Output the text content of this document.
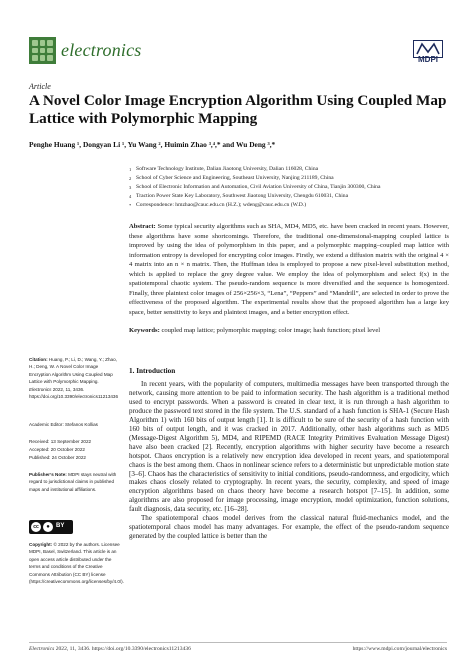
electronics	MDPI
Article
A Novel Color Image Encryption Algorithm Using Coupled Map Lattice with Polymorphic Mapping
Penghe Huang ¹, Dongyan Li ¹, Yu Wang ², Huimin Zhao ³,⁴,* and Wu Deng ³,*
1 Software Technology Institute, Dalian Jiaotong University, Dalian 116028, China
2 School of Cyber Science and Engineering, Southeast University, Nanjing 211189, China
3 School of Electronic Information and Automation, Civil Aviation University of China, Tianjin 300300, China
4 Traction Power State Key Laboratory, Southwest Jiaotong University, Chengdu 610031, China
* Correspondence: hmzhao@cauc.edu.cn (H.Z.); wdeng@cauc.edu.cn (W.D.)
Abstract: Some typical security algorithms such as SHA, MD4, MD5, etc. have been cracked in recent years. However, these algorithms have some shortcomings. Therefore, the traditional one-dimensional-mapping coupled lattice is improved by using the idea of polymorphism in this paper, and a polymorphic mapping–coupled map lattice with information entropy is developed for encrypting color images. Firstly, we extend a diffusion matrix with the original 4 × 4 matrix into an n × n matrix. Then, the Huffman idea is employed to propose a new pixel-level substitution method, which is applied to replace the grey degree value. We employ the idea of polymorphism and select f(x) in the spatiotemporal chaotic system. The pseudo-random sequence is more diversified and the sequence is homogenized. Finally, three plaintext color images of 256×256×3, “Lena”, “Peppers” and “Mandrill”, are selected in order to prove the effectiveness of the proposed algorithm. The experimental results show that the proposed algorithm has a large key space, better sensitivity to keys and plaintext images, and a better encryption effect.
Keywords: coupled map lattice; polymorphic mapping; color image; hash function; pixel level
Citation: Huang, P.; Li, D.; Wang, Y.; Zhao, H.; Deng, W. A Novel Color Image Encryption Algorithm Using Coupled Map Lattice with Polymorphic Mapping. Electronics 2022, 11, 3436. https://doi.org/10.3390/electronics11213436
Academic Editor: Stefanos Kollias
Received: 13 September 2022
Accepted: 20 October 2022
Published: 24 October 2022
Publisher’s Note: MDPI stays neutral with regard to jurisdictional claims in published maps and institutional affiliations.
cc	●	BY
Copyright: © 2022 by the authors. Licensee MDPI, Basel, Switzerland. This article is an open access article distributed under the terms and conditions of the Creative Commons Attribution (CC BY) license (https://creativecommons.org/licenses/by/4.0/).
1. Introduction

In recent years, with the popularity of computers, multimedia messages have been transported through the network, causing more attention to be paid to information security. The hash algorithm is a traditional method used to encrypt passwords. When a password is created in clear text, it is run through a hash algorithm to produce the password text stored in the file system. The U.S. standard of a hash function is SHA-1 (Secure Hash Algorithm 1) with 160 bits of output length [1]. It is difficult to be sure of the security of a hash function with 160 bits of output length, and it was cracked in 2017. Additionally, other hash algorithms such as MD5 (Message-Digest Algorithm 5), MD4, and RIPEMD (RACE Integrity Primitives Evaluation Message Digest) have also been cracked [2]. Recently, encryption algorithms with higher security have become a research hotspot. Chaos encryption is a relatively new encryption idea developed in recent years, and spatiotemporal chaos is the best among them. Chaos in nonlinear science refers to a deterministic but unpredictable motion state [3–6]. Chaos has the characteristics of sensitivity to initial conditions, pseudo-randomness, and ergodicity, which makes chaos closely related to cryptography. In recent years, the security, complexity, and speed of image encryption algorithms based on chaos theory have become a research hotspot [7–15]. In addition, some algorithms are also proposed for image processing, image encryption, model optimization, function solutions, fault diagnosis, data security, etc. [16–28].

The spatiotemporal chaos model derives from the classical natural fluid-mechanics model, and the spatiotemporal chaos model has many advantages. For example, the effect of the pseudo-random sequence generated by the coupled lattice is better than the

Electronics 2022, 11, 3436. https://doi.org/10.3390/electronics11213436	https://www.mdpi.com/journal/electronics
